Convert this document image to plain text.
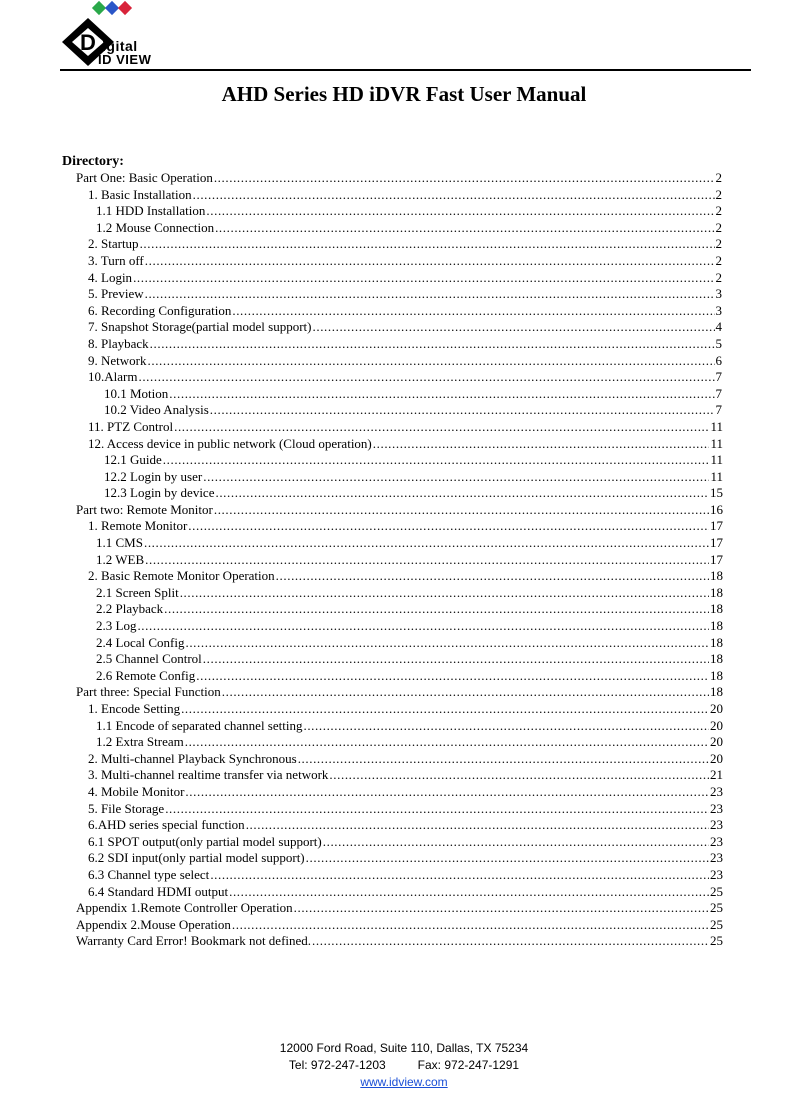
D igital
ID VIEW
AHD Series HD iDVR Fast User Manual
Directory:
Part One: Basic Operation .....	2
1. Basic Installation .....	2
1.1 HDD Installation .....	2
1.2 Mouse Connection .....	2
2. Startup .....	2
3. Turn off .....	2
4. Login .....	2
5. Preview .....	3
6. Recording Configuration .....	3
7. Snapshot Storage(partial model support) .....	4
8. Playback .....	5
9. Network .....	6
10.Alarm .....	7
10.1 Motion .....	7
10.2 Video Analysis .....	7
11. PTZ Control .....	11
12. Access device in public network (Cloud operation) .....	11
12.1 Guide .....	11
12.2 Login by user .....	11
12.3 Login by device .....	15
Part two: Remote Monitor .....	16
1. Remote Monitor .....	17
1.1 CMS .....	17
1.2 WEB .....	17
2. Basic Remote Monitor Operation .....	18
2.1 Screen Split .....	18
2.2 Playback .....	18
2.3 Log .....	18
2.4 Local Config .....	18
2.5 Channel Control .....	18
2.6 Remote Config .....	18
Part three: Special Function .....	18
1. Encode Setting .....	20
1.1 Encode of separated channel setting .....	20
1.2 Extra Stream .....	20
2. Multi-channel Playback Synchronous .....	20
3. Multi-channel realtime transfer via network .....	21
4. Mobile Monitor .....	23
5. File Storage .....	23
6.AHD series special function .....	23
6.1 SPOT output(only partial model support) .....	23
6.2 SDI input(only partial model support) .....	23
6.3 Channel type select .....	23
6.4 Standard HDMI output .....	25
Appendix 1.Remote Controller Operation .....	25
Appendix 2.Mouse Operation .....	25
Warranty Card Error! Bookmark not defined. .....	25
12000 Ford Road, Suite 110, Dallas, TX 75234
Tel: 972-247-1203	Fax: 972-247-1291
www.idview.com
